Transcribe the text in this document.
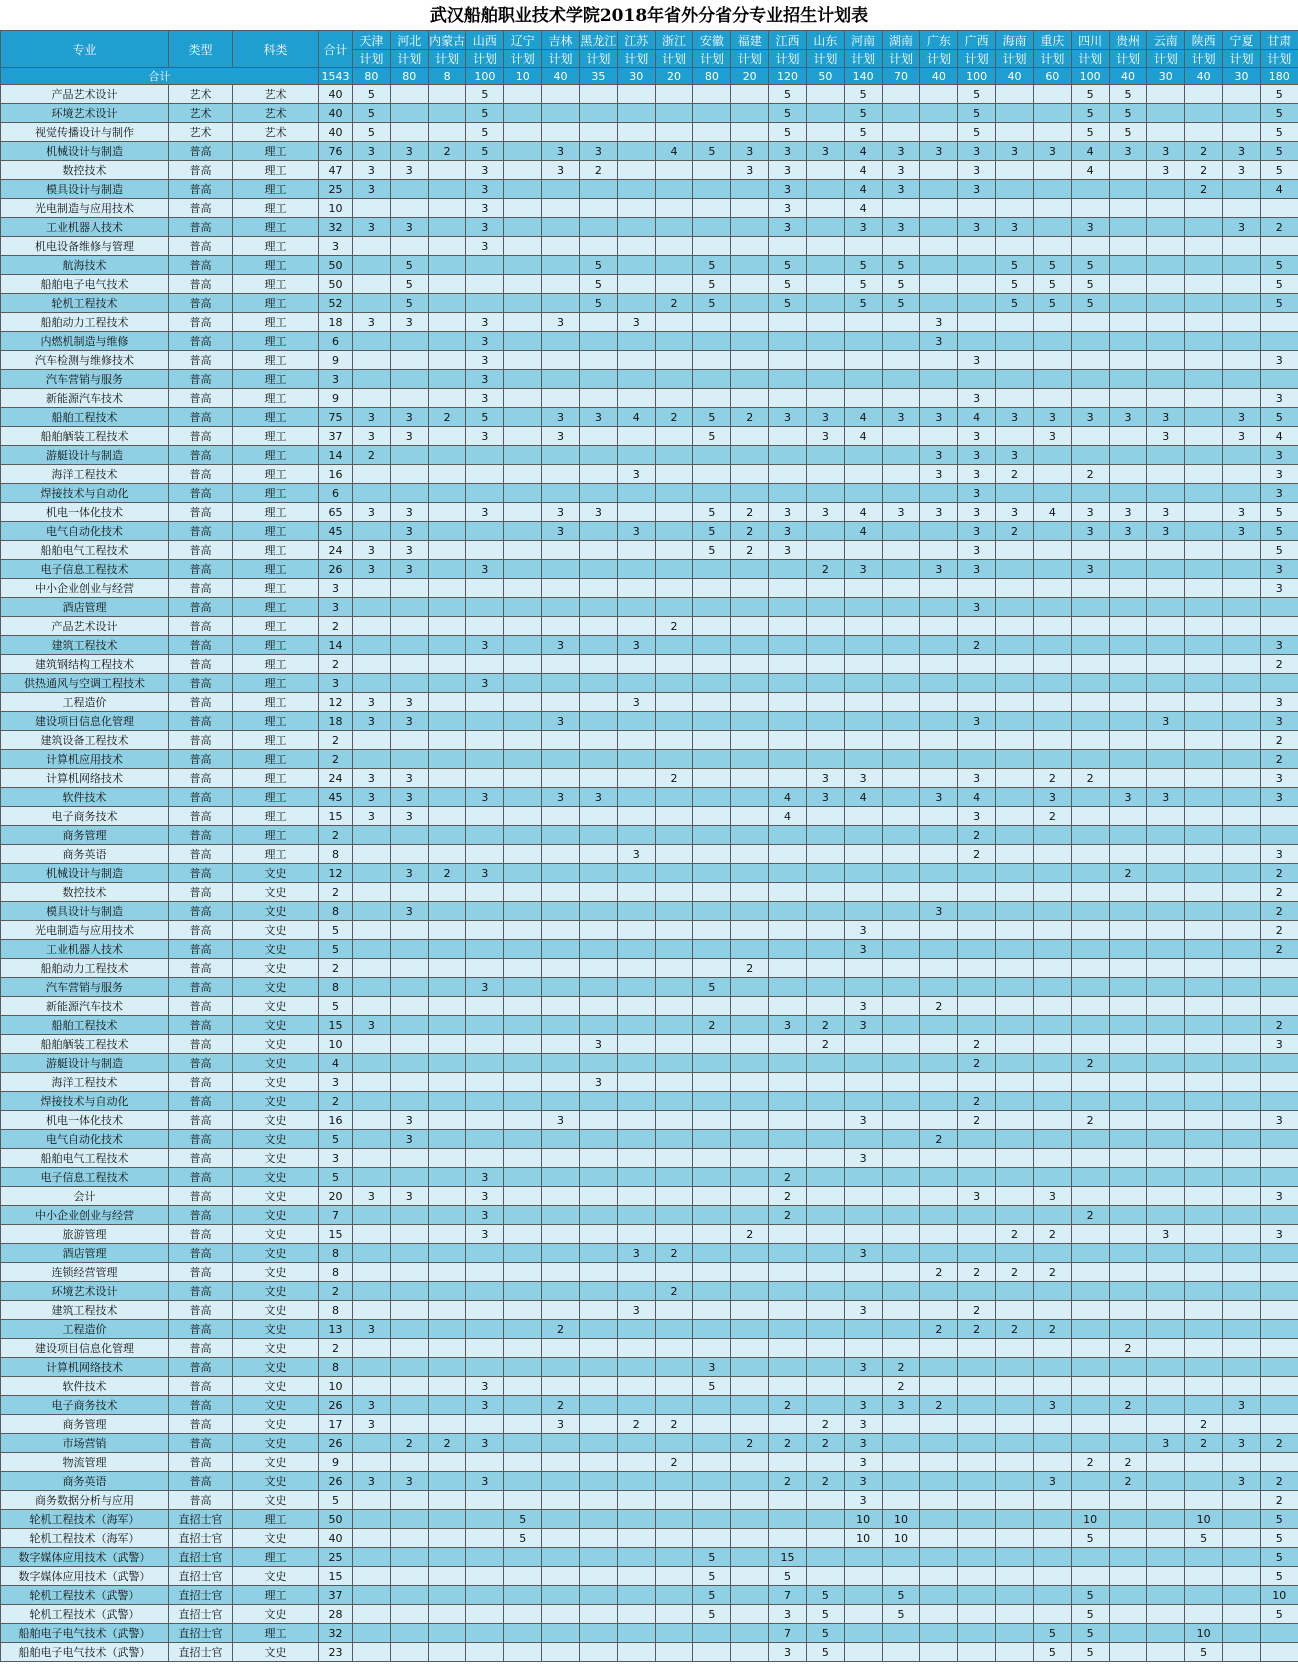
武汉船舶职业技术学院2018年省外分省分专业招生计划表
专业	类型	科类	合计	天津	河北	内蒙古	山西	辽宁	吉林	黑龙江	江苏	浙江	安徽	福建	江西	山东	河南	湖南	广东	广西	海南	重庆	四川	贵州	云南	陕西	宁夏	甘肃
				计划	计划	计划	计划	计划	计划	计划	计划	计划	计划	计划	计划	计划	计划	计划	计划	计划	计划	计划	计划	计划	计划	计划	计划	计划
合计			1543	80	80	8	100	10	40	35	30	20	80	20	120	50	140	70	40	100	40	60	100	40	30	40	30	180
产品艺术设计	艺术	艺术	40	5			5								5		5			5			5	5				5
环境艺术设计	艺术	艺术	40	5			5								5		5			5			5	5				5
视觉传播设计与制作	艺术	艺术	40	5			5								5		5			5			5	5				5
机械设计与制造	普高	理工	76	3	3	2	5		3	3		4	5	3	3	3	4	3	3	3	3	3	4	3	3	2	3	5
数控技术	普高	理工	47	3	3		3		3	2				3	3		4	3		3			4		3	2	3	5
模具设计与制造	普高	理工	25	3			3								3		4	3		3						2		4
光电制造与应用技术	普高	理工	10				3								3		4											
工业机器人技术	普高	理工	32	3	3		3								3		3	3		3	3		3				3	2
机电设备维修与管理	普高	理工	3				3																					
航海技术	普高	理工	50		5					5			5		5		5	5			5	5	5					5
船舶电子电气技术	普高	理工	50		5					5			5		5		5	5			5	5	5					5
轮机工程技术	普高	理工	52		5					5		2	5		5		5	5			5	5	5					5
船舶动力工程技术	普高	理工	18	3	3		3		3		3								3									
内燃机制造与维修	普高	理工	6				3												3									
汽车检测与维修技术	普高	理工	9				3													3								3
汽车营销与服务	普高	理工	3				3																					
新能源汽车技术	普高	理工	9				3													3								3
船舶工程技术	普高	理工	75	3	3	2	5		3	3	4	2	5	2	3	3	4	3	3	4	3	3	3	3	3		3	5
船舶舾装工程技术	普高	理工	37	3	3		3		3				5			3	4			3		3			3		3	4
游艇设计与制造	普高	理工	14	2															3	3	3							3
海洋工程技术	普高	理工	16								3								3	3	2		2					3
焊接技术与自动化	普高	理工	6																	3								3
机电一体化技术	普高	理工	65	3	3		3		3	3			5	2	3	3	4	3	3	3	3	4	3	3	3		3	5
电气自动化技术	普高	理工	45		3				3		3		5	2	3		4			3	2		3	3	3		3	5
船舶电气工程技术	普高	理工	24	3	3								5	2	3					3								5
电子信息工程技术	普高	理工	26	3	3		3									2	3		3	3			3					3
中小企业创业与经营	普高	理工	3																									3
酒店管理	普高	理工	3																	3								
产品艺术设计	普高	理工	2									2																
建筑工程技术	普高	理工	14				3		3		3									2								3
建筑钢结构工程技术	普高	理工	2																									2
供热通风与空调工程技术	普高	理工	3				3																					
工程造价	普高	理工	12	3	3						3																	3
建设项目信息化管理	普高	理工	18	3	3				3											3					3			3
建筑设备工程技术	普高	理工	2																									2
计算机应用技术	普高	理工	2																									2
计算机网络技术	普高	理工	24	3	3							2				3	3			3		2	2					3
软件技术	普高	理工	45	3	3		3		3	3					4	3	4		3	4		3		3	3			3
电子商务技术	普高	理工	15	3	3										4					3		2						
商务管理	普高	理工	2																	2								
商务英语	普高	理工	8								3									2								3
机械设计与制造	普高	文史	12		3	2	3																	2				2
数控技术	普高	文史	2																									2
模具设计与制造	普高	文史	8		3														3									2
光电制造与应用技术	普高	文史	5														3											2
工业机器人技术	普高	文史	5														3											2
船舶动力工程技术	普高	文史	2											2														
汽车营销与服务	普高	文史	8				3						5															
新能源汽车技术	普高	文史	5														3		2									
船舶工程技术	普高	文史	15	3									2		3	2	3											2
船舶舾装工程技术	普高	文史	10							3						2				2								3
游艇设计与制造	普高	文史	4																	2			2					
海洋工程技术	普高	文史	3							3																		
焊接技术与自动化	普高	文史	2																	2								
机电一体化技术	普高	文史	16		3				3								3			2			2					3
电气自动化技术	普高	文史	5		3														2									
船舶电气工程技术	普高	文史	3														3											
电子信息工程技术	普高	文史	5				3								2													
会计	普高	文史	20	3	3		3								2					3		3						3
中小企业创业与经营	普高	文史	7				3								2								2					
旅游管理	普高	文史	15				3							2							2	2			3			3
酒店管理	普高	文史	8								3	2					3											
连锁经营管理	普高	文史	8																2	2	2	2						
环境艺术设计	普高	文史	2									2																
建筑工程技术	普高	文史	8								3						3			2								
工程造价	普高	文史	13	3					2										2	2	2	2						
建设项目信息化管理	普高	文史	2																					2				
计算机网络技术	普高	文史	8										3				3	2										
软件技术	普高	文史	10				3						5					2										
电子商务技术	普高	文史	26	3			3		2						2		3	3	2			3		2			3	
商务管理	普高	文史	17	3					3		2	2				2	3									2		
市场营销	普高	文史	26		2	2	3							2	2	2	3								3	2	3	2
物流管理	普高	文史	9									2					3						2	2				
商务英语	普高	文史	26	3	3		3								2	2	3					3		2			3	2
商务数据分析与应用	普高	文史	5														3											2
轮机工程技术（海军）	直招士官	理工	50					5									10	10					10			10		5
轮机工程技术（海军）	直招士官	文史	40					5									10	10					5			5		5
数字媒体应用技术（武警）	直招士官	理工	25										5		15													5
数字媒体应用技术（武警）	直招士官	文史	15										5		5													5
轮机工程技术（武警）	直招士官	理工	37										5		7	5		5					5					10
轮机工程技术（武警）	直招士官	文史	28										5		3	5		5					5					5
船舶电子电气技术（武警）	直招士官	理工	32												7	5						5	5			10		
船舶电子电气技术（武警）	直招士官	文史	23												3	5						5	5			5		
